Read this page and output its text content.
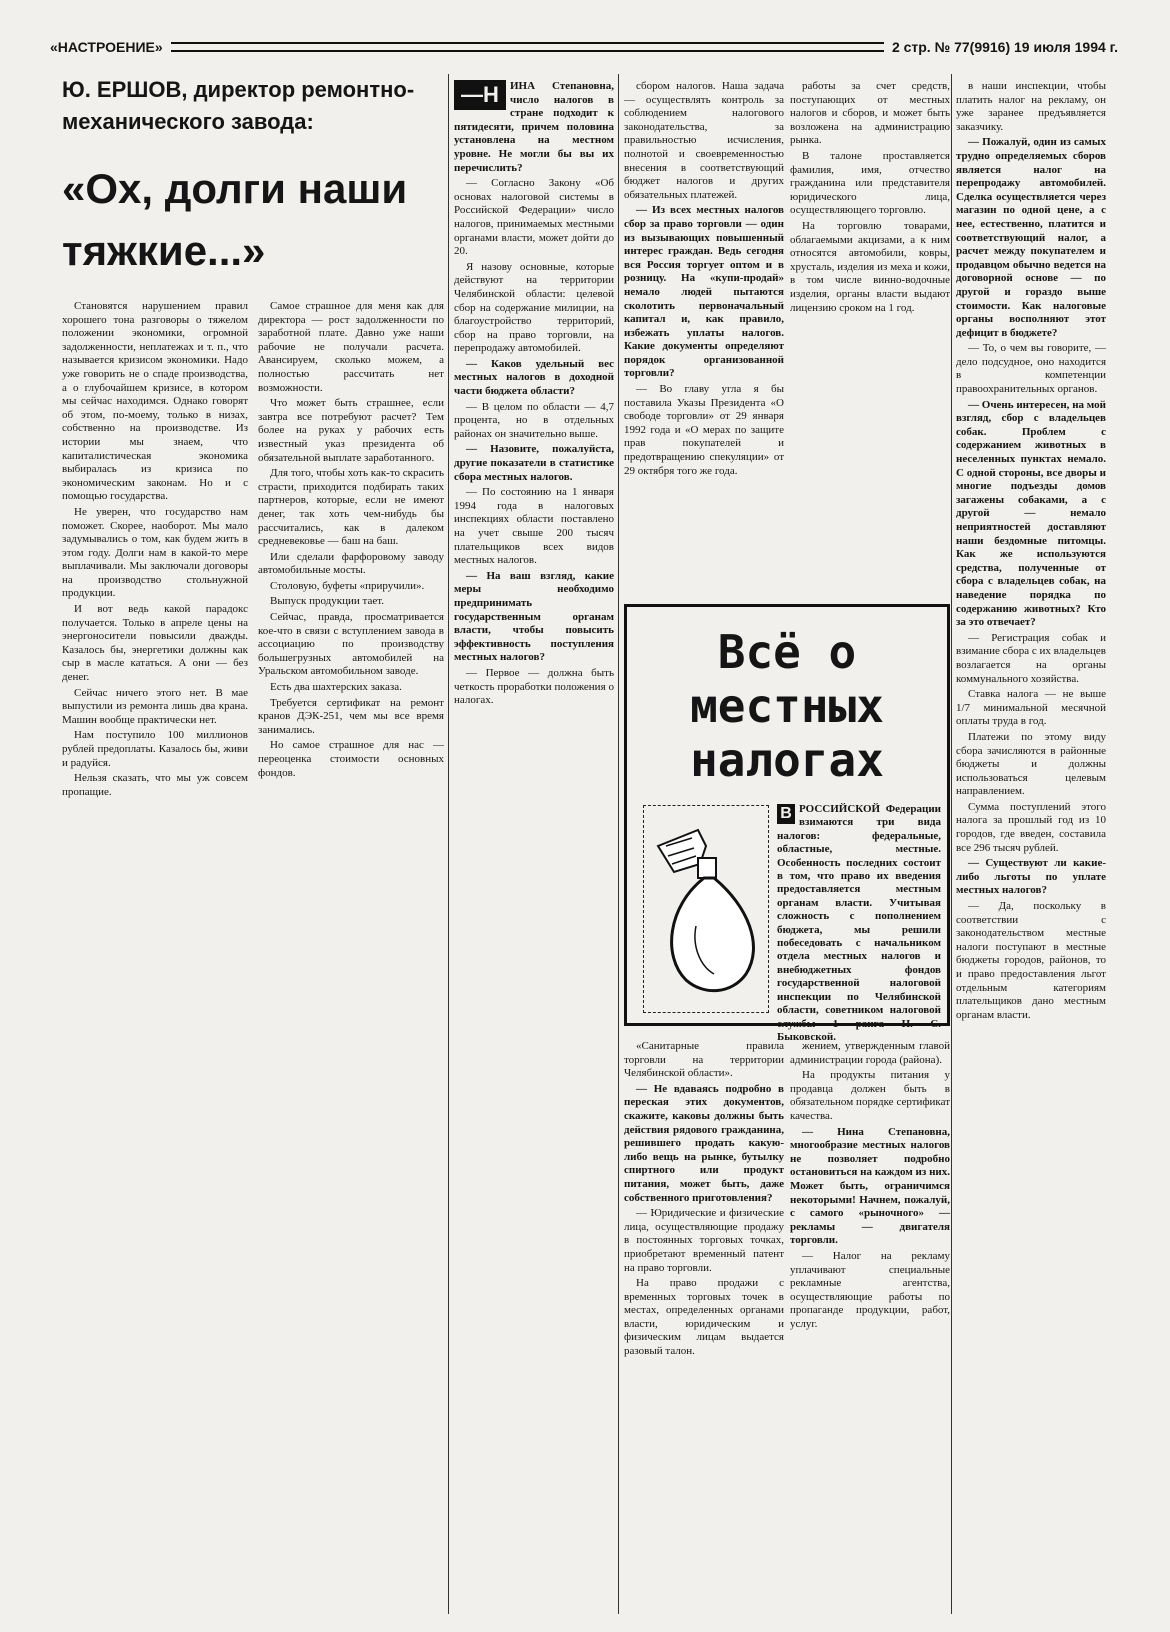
«НАСТРОЕНИЕ»	2 стр. № 77(9916) 19 июля 1994 г.
Ю. ЕРШОВ, директор ремонтно-механического завода:
«Ох, долги наши тяжкие...»

Становятся нарушением правил хорошего тона разговоры о тяжелом положении экономики, огромной задолженности, неплатежах и т. п., что называется кризисом экономики. Надо уже говорить не о спаде производства, а о глубочайшем кризисе, в котором мы сейчас находимся. Однако говорят об этом, по-моему, только в низах, собственно на производстве. Из истории мы знаем, что капиталистическая экономика выбиралась из кризиса по экономическим законам. Но и с помощью государства.

Не уверен, что государство нам поможет. Скорее, наоборот. Мы мало задумывались о том, как будем жить в этом году. Долги нам в какой-то мере выплачивали. Мы заключали договоры на производство стольнужной продукции.

И вот ведь какой парадокс получается. Только в апреле цены на энергоносители повысили дважды. Казалось бы, энергетики должны как сыр в масле кататься. А они — без денег.

Сейчас ничего этого нет. В мае выпустили из ремонта лишь два крана. Машин вообще практически нет.

Нам поступило 100 миллионов рублей предоплаты. Казалось бы, живи и радуйся.

Нельзя сказать, что мы уж совсем пропащие.

Самое страшное для меня как для директора — рост задолженности по заработной плате. Давно уже наши рабочие не получали расчета. Авансируем, сколько можем, а полностью рассчитать нет возможности.

Что может быть страшнее, если завтра все потребуют расчет? Тем более на руках у рабочих есть известный указ президента об обязательной выплате заработанного.

Для того, чтобы хоть как-то скрасить страсти, приходится подбирать таких партнеров, которые, если не имеют денег, так хоть чем-нибудь бы рассчитались, как в далеком средневековье — баш на баш.

Или сделали фарфоровому заводу автомобильные мосты.

Столовую, буфеты «приручили».

Выпуск продукции тает.

Сейчас, правда, просматривается кое-что в связи с вступлением завода в ассоциацию по производству большегрузных автомобилей на Уральском автомобильном заводе.

Есть два шахтерских заказа.

Требуется сертификат на ремонт кранов ДЭК-251, чем мы все время занимались.

Но самое страшное для нас — переоценка стоимости основных фондов.

—Н	ИНА Степановна, число налогов в стране подходит к пятидесяти, причем половина установлена на местном уровне. Не могли бы вы их перечислить?

— Согласно Закону «Об основах налоговой системы в Российской Федерации» число налогов, принимаемых местными органами власти, может дойти до 20.

Я назову основные, которые действуют на территории Челябинской области: целевой сбор на содержание милиции, на благоустройство территорий, сбор на право торговли, на перепродажу автомобилей.

— Каков удельный вес местных налогов в доходной части бюджета области?

— В целом по области — 4,7 процента, но в отдельных районах он значительно выше.

— Назовите, пожалуйста, другие показатели в статистике сбора местных налогов.

— По состоянию на 1 января 1994 года в налоговых инспекциях области поставлено на учет свыше 200 тысяч плательщиков всех видов местных налогов.

— На ваш взгляд, какие меры необходимо предпринимать государственным органам власти, чтобы повысить эффективность поступления местных налогов?

— Первое — должна быть четкость проработки положения о налогах.

сбором налогов. Наша задача — осуществлять контроль за соблюдением налогового законодательства, за правильностью исчисления, полнотой и своевременностью внесения в соответствующий бюджет налогов и других обязательных платежей.

— Из всех местных налогов сбор за право торговли — один из вызывающих повышенный интерес граждан. Ведь сегодня вся Россия торгует оптом и в розницу. На «купи-продай» немало людей пытаются сколотить первоначальный капитал и, как правило, избежать уплаты налогов. Какие документы определяют порядок организованной торговли?

— Во главу угла я бы поставила Указы Президента «О свободе торговли» от 29 января 1992 года и «О мерах по защите прав покупателей и предотвращению спекуляции» от 29 октября того же года.

работы за счет средств, поступающих от местных налогов и сборов, и может быть возложена на администрацию рынка.

В талоне проставляется фамилия, имя, отчество гражданина или представителя юридического лица, осуществляющего торговлю.

На торговлю товарами, облагаемыми акцизами, а к ним относятся автомобили, ковры, хрусталь, изделия из меха и кожи, в том числе винно-водочные изделия, органы власти выдают лицензию сроком на 1 год.

в наши инспекции, чтобы платить налог на рекламу, он уже заранее предъявляется заказчику.

— Пожалуй, один из самых трудно определяемых сборов является налог на перепродажу автомобилей. Сделка осуществляется через магазин по одной цене, а с нее, естественно, платится и соответствующий налог, а расчет между покупателем и продавцом обычно ведется на договорной основе — по другой и гораздо выше стоимости. Как налоговые органы восполняют этот дефицит в бюджете?

— То, о чем вы говорите, — дело подсудное, оно находится в компетенции правоохранительных органов.

— Очень интересен, на мой взгляд, сбор с владельцев собак. Проблем с содержанием животных в неселенных пунктах немало. С одной стороны, все дворы и многие подъезды домов загажены собаками, а с другой — немало неприятностей доставляют наши бездомные питомцы. Как же используются средства, полученные от сбора с владельцев собак, на наведение порядка по содержанию животных? Кто за это отвечает?

— Регистрация собак и взимание сбора с их владельцев возлагается на органы коммунального хозяйства.

Ставка налога — не выше 1/7 минимальной месячной оплаты труда в год.

Платежи по этому виду сбора зачисляются в районные бюджеты и должны использоваться целевым направлением.

Сумма поступлений этого налога за прошлый год из 10 городов, где введен, составила все 296 тысяч рублей.

— Существуют ли какие-либо льготы по уплате местных налогов?

— Да, поскольку в соответствии с законодательством местные налоги поступают в местные бюджеты городов, районов, то и право предоставления льгот отдельным категориям плательщиков дано местным органам власти.

Всё о местных налогах
В РОССИЙСКОЙ Федерации взимаются три вида налогов: федеральные, областные, местные. Особенность последних состоит в том, что право их введения предоставляется местным органам власти. Учитывая сложность с пополнением бюджета, мы решили побеседовать с начальником отдела местных налогов и внебюджетных фондов государственной налоговой инспекции по Челябинской области, советником налоговой службы 1 ранга Н. С. Быковской.

«Санитарные правила торговли на территории Челябинской области».

— Не вдаваясь подробно в переская этих документов, скажите, каковы должны быть действия рядового гражданина, решившего продать какую-либо вещь на рынке, бутылку спиртного или продукт питания, может быть, даже собственного приготовления?

— Юридические и физические лица, осуществляющие продажу в постоянных торговых точках, приобретают временный патент на право торговли.

На право продажи с временных торговых точек в местах, определенных органами власти, юридическим и физическим лицам выдается разовый талон.

жением, утвержденным главой администрации города (района).

На продукты питания у продавца должен быть в обязательном порядке сертификат качества.

— Нинa Степановна, многообразие местных налогов не позволяет подробно остановиться на каждом из них. Может быть, ограничимся некоторыми! Начнем, пожалуй, с самого «рыночного» — рекламы — двигателя торговли.

— Налог на рекламу уплачивают специальные рекламные агентства, осуществляющие работы по пропаганде продукции, работ, услуг.
